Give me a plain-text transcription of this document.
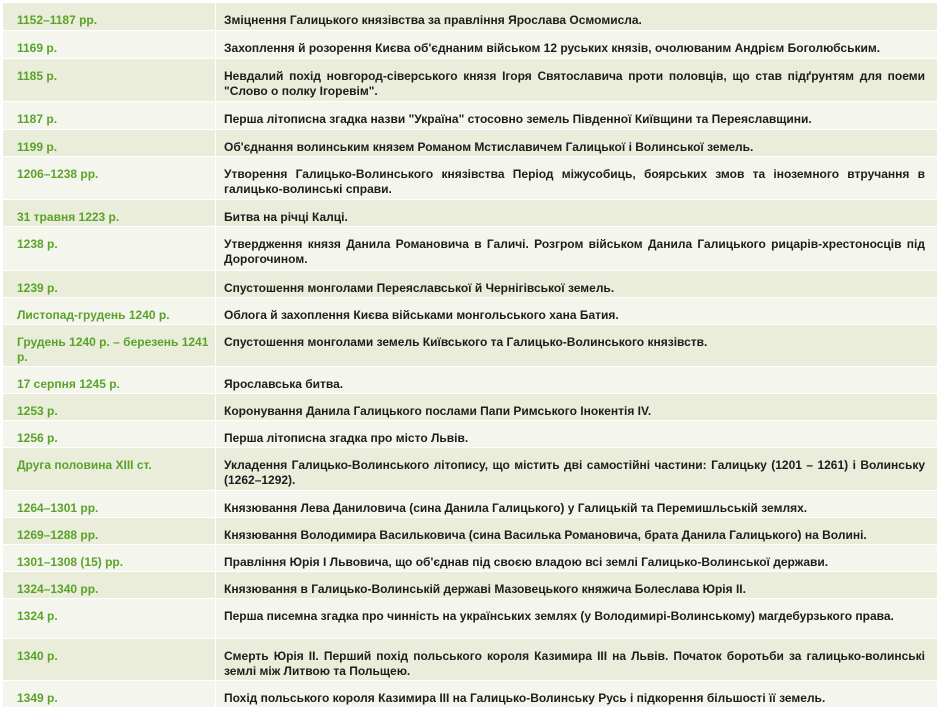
1152–1187 рр.	Зміцнення Галицького князівства за правління Ярослава Осмомисла.

1169 р.	Захоплення й розорення Києва об'єднаним військом 12 руських князів, очолюваним Андрієм Боголюбським.

1185 р.	Невдалий похід новгород-сіверського князя Ігоря Святославича проти половців, що став підґрунтям для поеми "Слово о полку Ігоревім".

1187 р.	Перша літописна згадка назви "Україна" стосовно земель Південної Київщини та Переяславщини.

1199 р.	Об'єднання волинським князем Романом Мстиславичем Галицької і Волинської земель.

1206–1238 рр.	Утворення Галицько-Волинського князівства Період міжусобиць, боярських змов та іноземного втручання в галицько-волинські справи.

31 травня 1223 р.	Битва на річці Калці.

1238 р.	Утвердження князя Данила Романовича в Галичі. Розгром військом Данила Галицького рицарів-хрестоносців під Дорогочином.

1239 р.	Спустошення монголами Переяславської й Чернігівської земель.

Листопад-грудень 1240 р.	Облога й захоплення Києва військами монгольського хана Батия.

Грудень 1240 р. – березень 1241 р.	Спустошення монголами земель Київського та Галицько-Волинського князівств.

17 серпня 1245 р.	Ярославська битва.

1253 р.	Коронування Данила Галицького послами Папи Римського Інокентія IV.

1256 р.	Перша літописна згадка про місто Львів.

Друга половина XIII ст.	Укладення Галицько-Волинського літопису, що містить дві самостійні частини: Галицьку (1201 – 1261) і Волинську (1262–1292).

1264–1301 рр.	Князювання Лева Даниловича (сина Данила Галицького) у Галицькій та Перемишльській землях.

1269–1288 рр.	Князювання Володимира Васильковича (сина Василька Романовича, брата Данила Галицького) на Волині.

1301–1308 (15) рр.	Правління Юрія І Львовича, що об'єднав під своєю владою всі землі Галицько-Волинської держави.

1324–1340 рр.	Князювання в Галицько-Волинській державі Мазовецького княжича Болеслава Юрія ІІ.

1324 р.	Перша писемна згадка про чинність на українських землях (у Володимирі-Волинському) магдебурзького права.

1340 р.	Смерть Юрія ІІ. Перший похід польського короля Казимира ІІІ на Львів. Початок боротьби за галицько-волинські землі між Литвою та Польщею.

1349 р.	Похід польського короля Казимира ІІІ на Галицько-Волинську Русь і підкорення більшості її земель.
